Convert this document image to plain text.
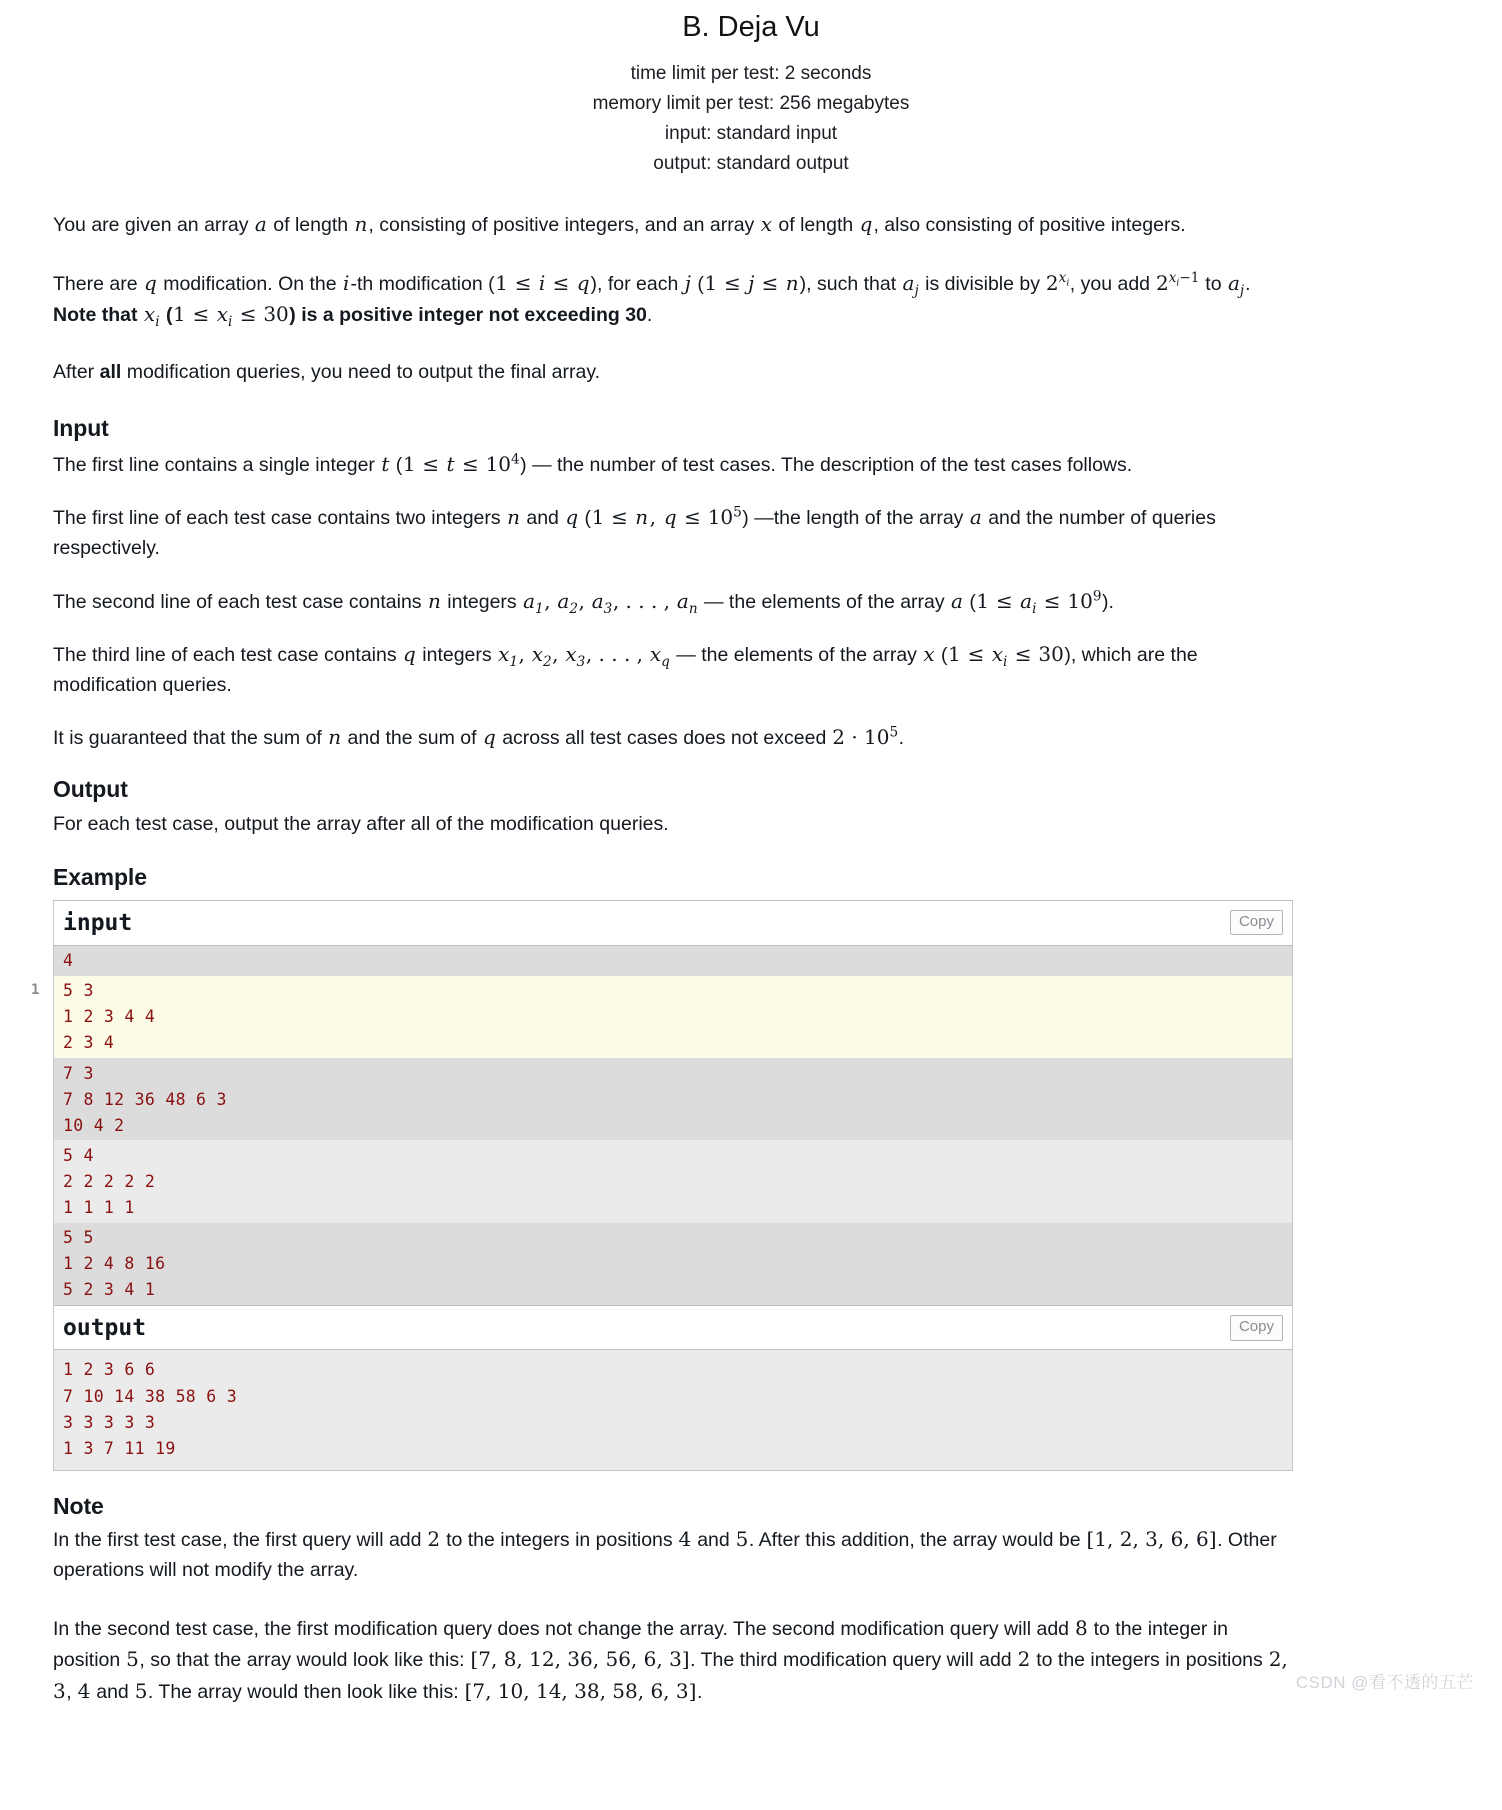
B. Deja Vu
time limit per test: 2 seconds
memory limit per test: 256 megabytes
input: standard input
output: standard output

You are given an array a of length n, consisting of positive integers, and an array x of length q, also consisting of positive integers.

There are q modification. On the i-th modification (1 ≤ i ≤ q), for each j (1 ≤ j ≤ n), such that $a_j$ is divisible by 2$^{x_i}$, you add $2^{x_i-1}$ to $a_j$. Note that $x_i$ $(1 \le x_i \le 30)$ is a positive integer not exceeding 30.

After all modification queries, you need to output the final array.

Input

The first line contains a single integer t $(1 \le t \le 10^4)$ — the number of test cases. The description of the test cases follows.

The first line of each test case contains two integers n and q (1 ≤ n, $q \le 10^5$) —the length of the array a and the number of queries respectively.

The second line of each test case contains n integers $a_1$, $a_2$, $a_3$, . . . , $a_n$ — the elements of the array a $(1 \le a_i \le 10^9)$.

The third line of each test case contains q integers $x_1$, $x_2$, $x_3$, . . . , $x_q$ — the elements of the array x $(1 \le x_i \le 30)$, which are the modification queries.

It is guaranteed that the sum of n and the sum of q across all test cases does not exceed $2 \cdot 10^5$.

Output

For each test case, output the array after all of the modification queries.

Example
input	Copy
4
5 3
1 2 3 4 4
2 3 4
7 3
7 8 12 36 48 6 3
10 4 2
5 4
2 2 2 2 2
1 1 1 1
5 5
1 2 4 8 16
5 2 3 4 1
output	Copy
1 2 3 6 6
7 10 14 38 58 6 3
3 3 3 3 3
1 3 7 11 19
1
Note

In the first test case, the first query will add 2 to the integers in positions 4 and 5. After this addition, the array would be [1, 2, 3, 6, 6]. Other operations will not modify the array.

In the second test case, the first modification query does not change the array. The second modification query will add 8 to the integer in position 5, so that the array would look like this: [7, 8, 12, 36, 56, 6, 3]. The third modification query will add 2 to the integers in positions 2, 3, 4 and 5. The array would then look like this: [7, 10, 14, 38, 58, 6, 3].	CSDN @看不透的五芒
